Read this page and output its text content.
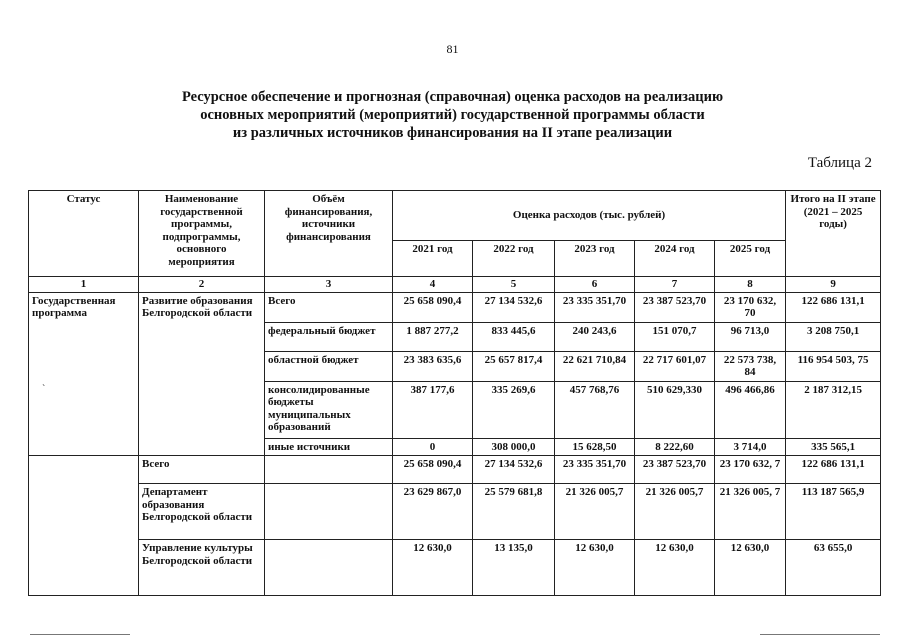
81
Ресурсное обеспечение и прогнозная (справочная) оценка расходов на реализацию
основных мероприятий (мероприятий) государственной программы области
из различных источников финансирования на II этапе реализации
Таблица 2
Статус	Наименование государственной программы, подпрограммы, основного мероприятия	Объём финансирования, источники финансирования	Оценка расходов (тыс. рублей)					Итого на II этапе (2021 – 2025 годы)
			2021 год	2022 год	2023 год	2024 год	2025 год	
1	2	3	4	5	6	7	8	9
Государственная программа	Развитие образования Белгородской области	Всего	25 658 090,4	27 134 532,6	23 335 351,70	23 387 523,70	23 170 632, 70	122 686 131,1
		федеральный бюджет	1 887 277,2	833 445,6	240 243,6	151 070,7	96 713,0	3 208 750,1
		областной бюджет	23 383 635,6	25 657 817,4	22 621 710,84	22 717 601,07	22 573 738, 84	116 954 503, 75
		консолидированные бюджеты муниципальных образований	387 177,6	335 269,6	457 768,76	510 629,330	496 466,86	2 187 312,15
		иные источники	0	308 000,0	15 628,50	8 222,60	3 714,0	335 565,1
	Всего		25 658 090,4	27 134 532,6	23 335 351,70	23 387 523,70	23 170 632, 7	122 686 131,1
	Департамент образования Белгородской области		23 629 867,0	25 579 681,8	21 326 005,7	21 326 005,7	21 326 005, 7	113 187 565,9
	Управление культуры Белгородской области		12 630,0	13 135,0	12 630,0	12 630,0	12 630,0	63 655,0
`
